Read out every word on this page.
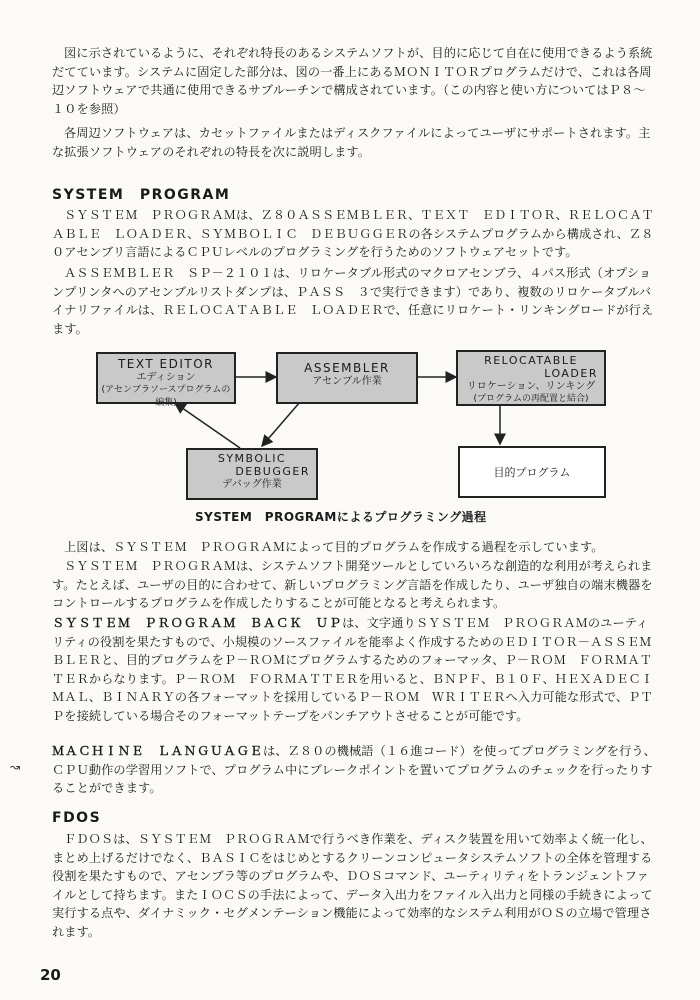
図に示されているように、それぞれ特長のあるシステムソフトが、目的に応じて自在に使用できるよう系統だてています。システムに固定した部分は、図の一番上にあるＭＯＮＩＴＯＲプログラムだけで、これは各周辺ソフトウェアで共通に使用できるサブルーチンで構成されています。（この内容と使い方についてはＰ８～１０を参照）

各周辺ソフトウェアは、カセットファイルまたはディスクファイルによってユーザにサポートされます。主な拡張ソフトウェアのそれぞれの特長を次に説明します。

SYSTEM　PROGRAM

ＳＹＳＴＥＭ　ＰＲＯＧＲＡＭは、Ｚ８０ＡＳＳＥＭＢＬＥＲ、ＴＥＸＴ　ＥＤＩＴＯＲ、ＲＥＬＯＣＡＴＡＢＬＥ　ＬＯＡＤＥＲ、ＳＹＭＢＯＬＩＣ　ＤＥＢＵＧＧＥＲの各システムプログラムから構成され、Ｚ８０アセンブリ言語によるＣＰＵレベルのプログラミングを行うためのソフトウェアセットです。

ＡＳＳＥＭＢＬＥＲ　ＳＰ－２１０１は、リロケータブル形式のマクロアセンブラ、４パス形式（オプションプリンタへのアセンブルリストダンプは、ＰＡＳＳ　３で実行できます）であり、複数のリロケータブルバイナリファイルは、ＲＥＬＯＣＡＴＡＢＬＥ　ＬＯＡＤＥＲで、任意にリロケート・リンキングロードが行えます。

TEXT EDITOR
エディション
(アセンブラソースプログラムの編集)
ASSEMBLER
アセンブル作業
RELOCATABLE
LOADER
リロケーション、リンキング
(プログラムの再配置と結合)
SYMBOLIC
DEBUGGER
デバッグ作業
目的プログラム
SYSTEM　PROGRAMによるプログラミング過程

上図は、ＳＹＳＴＥＭ　ＰＲＯＧＲＡＭによって目的プログラムを作成する過程を示しています。

ＳＹＳＴＥＭ　ＰＲＯＧＲＡＭは、システムソフト開発ツールとしていろいろな創造的な利用が考えられます。たとえば、ユーザの目的に合わせて、新しいプログラミング言語を作成したり、ユーザ独自の端末機器をコントロールするプログラムを作成したりすることが可能となると考えられます。

ＳＹＳＴＥＭ　ＰＲＯＧＲＡＭ　ＢＡＣＫ　ＵＰは、文字通りＳＹＳＴＥＭ　ＰＲＯＧＲＡＭのユーティリティの役割を果たすもので、小規模のソースファイルを能率よく作成するためのＥＤＩＴＯＲ－ＡＳＳＥＭＢＬＥＲと、目的プログラムをＰ－ＲＯＭにプログラムするためのフォーマッタ、Ｐ－ＲＯＭ　ＦＯＲＭＡＴＴＥＲからなります。Ｐ－ＲＯＭ　ＦＯＲＭＡＴＴＥＲを用いると、ＢＮＰＦ、Ｂ１０Ｆ、ＨＥＸＡＤＥＣＩＭＡＬ、ＢＩＮＡＲＹの各フォーマットを採用しているＰ－ＲＯＭ　ＷＲＩＴＥＲへ入力可能な形式で、ＰＴＰを接続している場合そのフォーマットテープをパンチアウトさせることが可能です。

ＭＡＣＨＩＮＥ　ＬＡＮＧＵＡＧＥは、Ｚ８０の機械語（１６進コード）を使ってプログラミングを行う、ＣＰＵ動作の学習用ソフトで、プログラム中にブレークポイントを置いてプログラムのチェックを行ったりすることができます。

↝
FDOS

ＦＤＯＳは、ＳＹＳＴＥＭ　ＰＲＯＧＲＡＭで行うべき作業を、ディスク装置を用いて効率よく統一化し、まとめ上げるだけでなく、ＢＡＳＩＣをはじめとするクリーンコンピュータシステムソフトの全体を管理する役割を果たすもので、アセンブラ等のプログラムや、ＤＯＳコマンド、ユーティリティをトランジェントファイルとして持ちます。またＩＯＣＳの手法によって、データ入出力をファイル入出力と同様の手続きによって実行する点や、ダイナミック・セグメンテーション機能によって効率的なシステム利用がＯＳの立場で管理されます。

20
